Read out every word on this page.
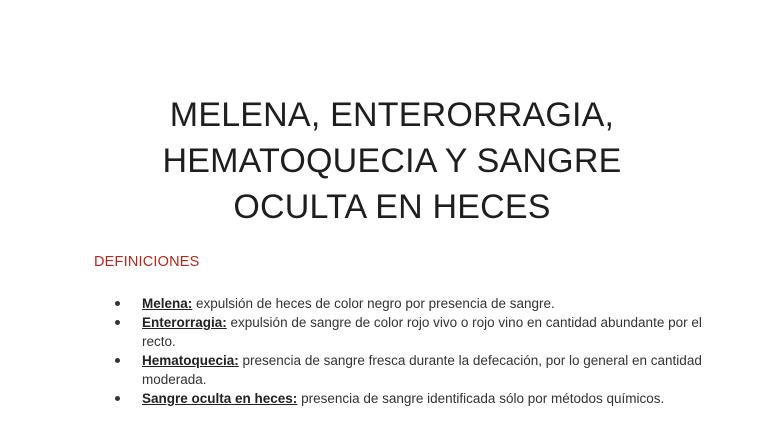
MELENA, ENTERORRAGIA,
HEMATOQUECIA Y SANGRE
OCULTA EN HECES
DEFINICIONES
Melena: expulsión de heces de color negro por presencia de sangre.
Enterorragia: expulsión de sangre de color rojo vivo o rojo vino en cantidad abundante por el recto.
Hematoquecia: presencia de sangre fresca durante la defecación, por lo general en cantidad moderada.
Sangre oculta en heces: presencia de sangre identificada sólo por métodos químicos.
